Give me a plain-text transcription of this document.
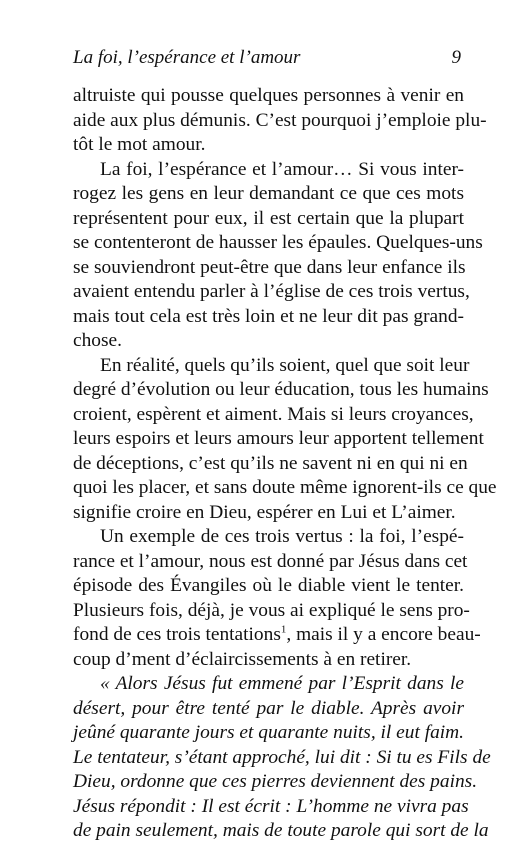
La foi, l’espérance et l’amour	9

altruiste qui pousse quelques personnes à venir en
aide aux plus démunis. C’est pourquoi j’emploie plu-
tôt le mot amour.

La foi, l’espérance et l’amour… Si vous inter-
rogez les gens en leur demandant ce que ces mots
représentent pour eux, il est certain que la plupart
se contenteront de hausser les épaules. Quelques-uns
se souviendront peut-être que dans leur enfance ils
avaient entendu parler à l’église de ces trois vertus,
mais tout cela est très loin et ne leur dit pas grand-
chose.

En réalité, quels qu’ils soient, quel que soit leur
degré d’évolution ou leur éducation, tous les humains
croient, espèrent et aiment. Mais si leurs croyances,
leurs espoirs et leurs amours leur apportent tellement
de déceptions, c’est qu’ils ne savent ni en qui ni en
quoi les placer, et sans doute même ignorent-ils ce que
signifie croire en Dieu, espérer en Lui et L’aimer.

Un exemple de ces trois vertus : la foi, l’espé-
rance et l’amour, nous est donné par Jésus dans cet
épisode des Évangiles où le diable vient le tenter.
Plusieurs fois, déjà, je vous ai expliqué le sens pro-
fond de ces trois tentations$^1$, mais il y a encore beau-
coup d’ment d’éclaircissements à en retirer.

« Alors Jésus fut emmené par l’Esprit dans le
désert, pour être tenté par le diable. Après avoir
jeûné quarante jours et quarante nuits, il eut faim.
Le tentateur, s’étant approché, lui dit : Si tu es Fils de
Dieu, ordonne que ces pierres deviennent des pains.
Jésus répondit : Il est écrit : L’homme ne vivra pas
de pain seulement, mais de toute parole qui sort de la
